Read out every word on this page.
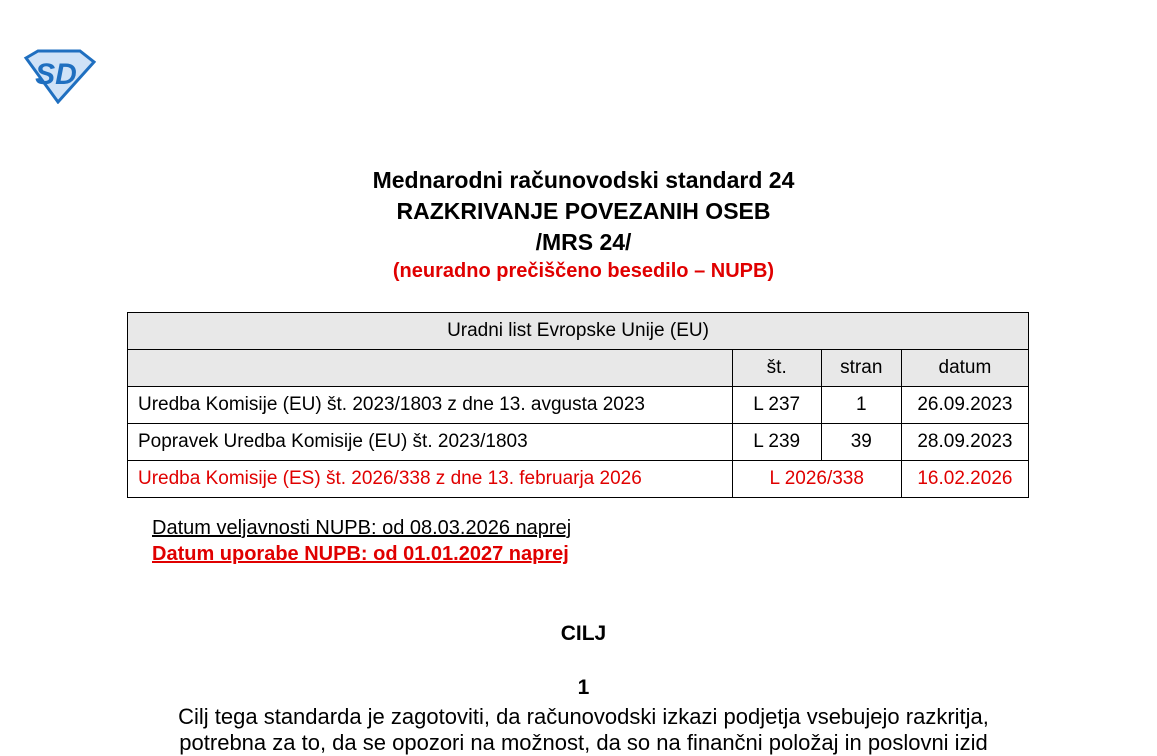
SD
Mednarodni računovodski standard 24
RAZKRIVANJE POVEZANIH OSEB
/MRS 24/
(neuradno prečiščeno besedilo – NUPB)
Uradni list Evropske Unije (EU)			
	št.	stran	datum
Uredba Komisije (EU) št. 2023/1803 z dne 13. avgusta 2023	L 237	1	26.09.2023
Popravek Uredba Komisije (EU) št. 2023/1803	L 239	39	28.09.2023
Uredba Komisije (ES) št. 2026/338 z dne 13. februarja 2026	L 2026/338		16.02.2026
Datum veljavnosti NUPB: od 08.03.2026 naprej
Datum uporabe NUPB: od 01.01.2027 naprej
CILJ
1
Cilj tega standarda je zagotoviti, da računovodski izkazi podjetja vsebujejo razkritja,
potrebna za to, da se opozori na možnost, da so na finančni položaj in poslovni izid
